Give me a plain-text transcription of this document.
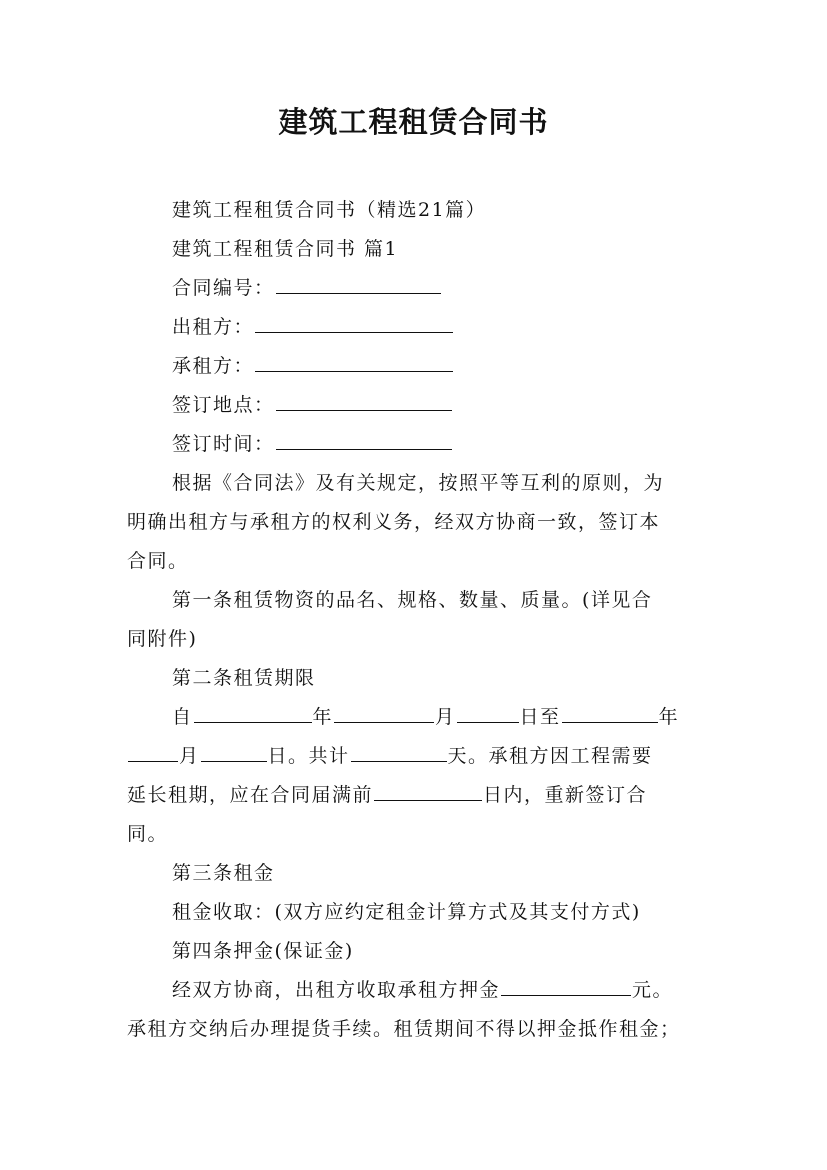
建筑工程租赁合同书
建筑工程租赁合同书（精选21篇）
建筑工程租赁合同书 篇1
合同编号：
出租方：
承租方：
签订地点：
签订时间：
根据《合同法》及有关规定，按照平等互利的原则，为
明确出租方与承租方的权利义务，经双方协商一致，签订本
合同。
第一条租赁物资的品名、规格、数量、质量。(详见合
同附件)
第二条租赁期限
自	年	月	日至	年
月	日。共计	天。承租方因工程需要
延长租期，应在合同届满前	日内，重新签订合
同。
第三条租金
租金收取：(双方应约定租金计算方式及其支付方式)
第四条押金(保证金)
经双方协商，出租方收取承租方押金	元。
承租方交纳后办理提货手续。租赁期间不得以押金抵作租金；
